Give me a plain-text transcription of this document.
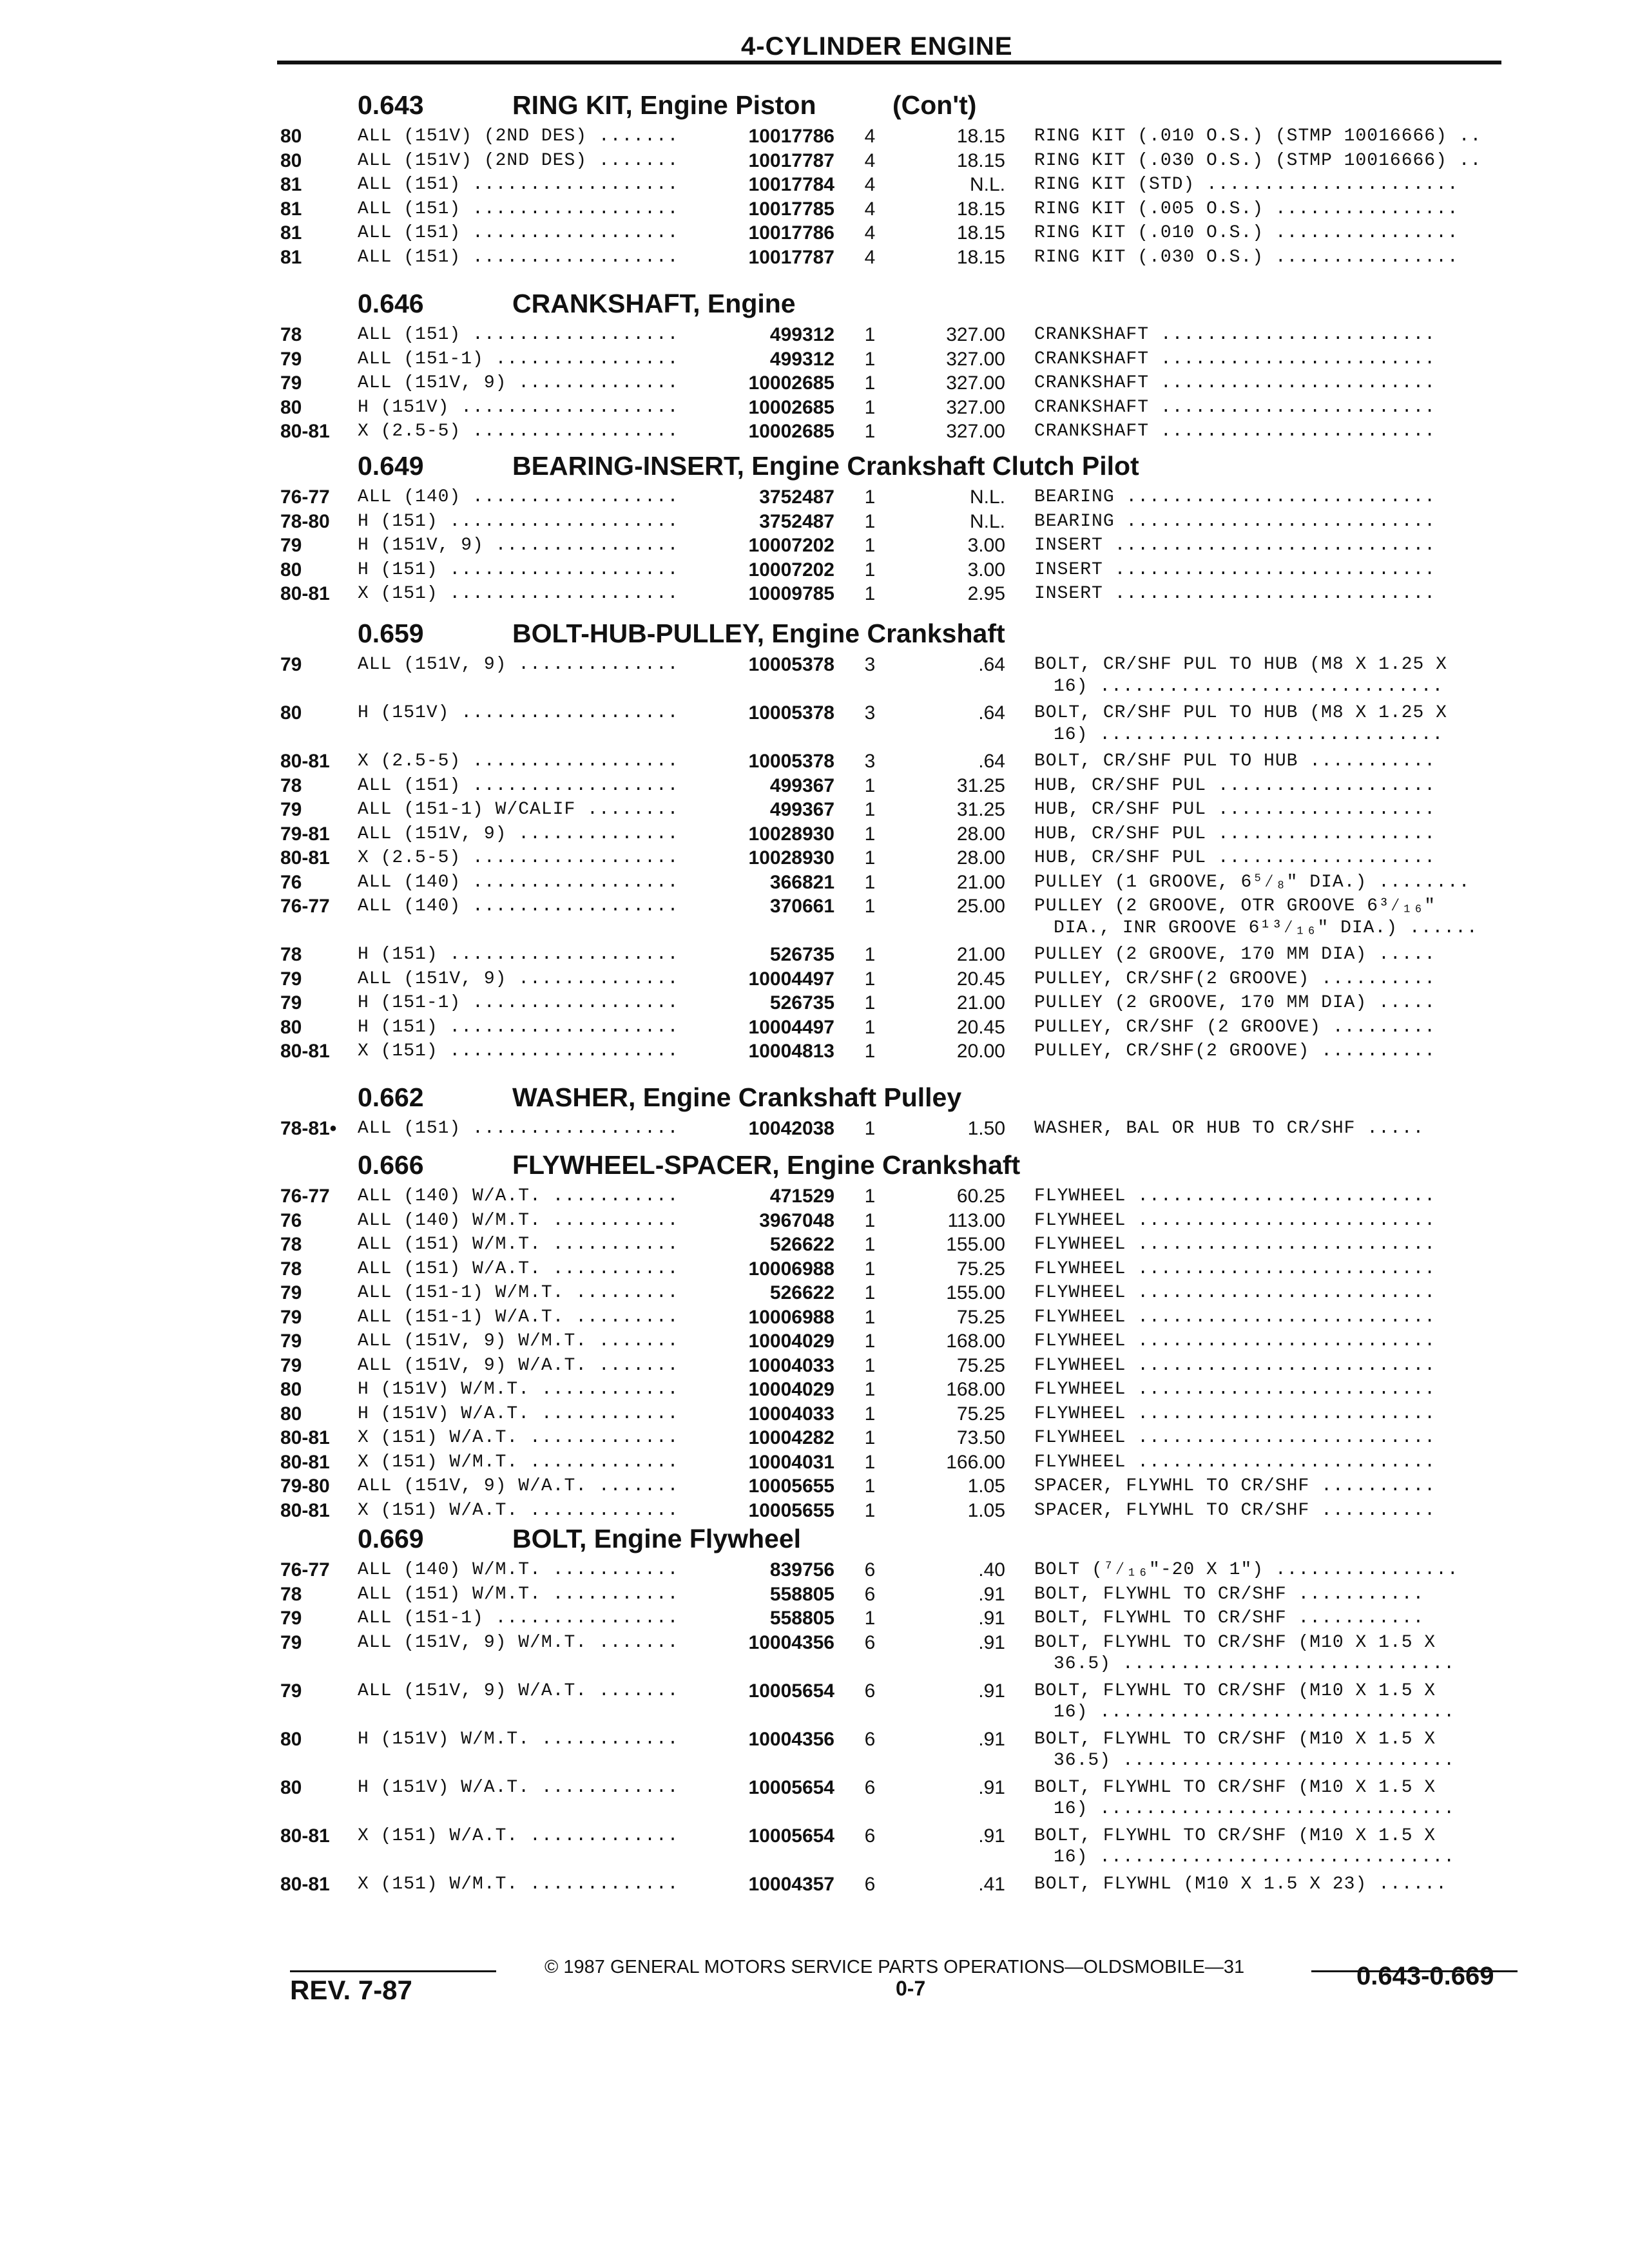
4-CYLINDER ENGINE
0.643	RING KIT, Engine Piston	(Con't)
80	ALL (151V) (2ND DES) .......	10017786	4	18.15 RING KIT (.010 O.S.) (STMP 10016666) ..
80	ALL (151V) (2ND DES) .......	10017787	4	18.15 RING KIT (.030 O.S.) (STMP 10016666) ..
81	ALL (151) ..................	10017784	4	N.L. RING KIT (STD) ......................
81	ALL (151) ..................	10017785	4	18.15 RING KIT (.005 O.S.) ................
81	ALL (151) ..................	10017786	4	18.15 RING KIT (.010 O.S.) ................
81	ALL (151) ..................	10017787	4	18.15 RING KIT (.030 O.S.) ................
0.646	CRANKSHAFT, Engine
78	ALL (151) ..................	499312	1	327.00 CRANKSHAFT ........................
79	ALL (151-1) ................	499312	1	327.00 CRANKSHAFT ........................
79	ALL (151V, 9) ..............	10002685	1	327.00 CRANKSHAFT ........................
80	H (151V) ...................	10002685	1	327.00 CRANKSHAFT ........................
80-81 X (2.5-5) ..................	10002685	1	327.00 CRANKSHAFT ........................
0.649	BEARING-INSERT, Engine Crankshaft Clutch Pilot
76-77 ALL (140) ..................	3752487	1	N.L. BEARING ...........................
78-80 H (151) ....................	3752487	1	N.L. BEARING ...........................
79	H (151V, 9) ................	10007202	1	3.00 INSERT ............................
80	H (151) ....................	10007202	1	3.00 INSERT ............................
80-81 X (151) ....................	10009785	1	2.95 INSERT ............................
0.659	BOLT-HUB-PULLEY, Engine Crankshaft
79	ALL (151V, 9) ..............	10005378	3	.64 BOLT, CR/SHF PUL TO HUB (M8 X 1.25 X
16) ..............................
80	H (151V) ...................	10005378	3	.64 BOLT, CR/SHF PUL TO HUB (M8 X 1.25 X
16) ..............................
80-81 X (2.5-5) ..................	10005378	3	.64 BOLT, CR/SHF PUL TO HUB ...........
78	ALL (151) ..................	499367	1	31.25 HUB, CR/SHF PUL ...................
79	ALL (151-1) W/CALIF ........	499367	1	31.25 HUB, CR/SHF PUL ...................
79-81 ALL (151V, 9) ..............	10028930	1	28.00 HUB, CR/SHF PUL ...................
80-81 X (2.5-5) ..................	10028930	1	28.00 HUB, CR/SHF PUL ...................
76	ALL (140) ..................	366821	1	21.00 PULLEY (1 GROOVE, 6⁵⁄₈" DIA.) ........
76-77 ALL (140) ..................	370661	1	25.00 PULLEY (2 GROOVE, OTR GROOVE 6³⁄₁₆"
DIA., INR GROOVE 6¹³⁄₁₆" DIA.) ......
78	H (151) ....................	526735	1	21.00 PULLEY (2 GROOVE, 170 MM DIA) .....
79	ALL (151V, 9) ..............	10004497	1	20.45 PULLEY, CR/SHF(2 GROOVE) ..........
79	H (151-1) ..................	526735	1	21.00 PULLEY (2 GROOVE, 170 MM DIA) .....
80	H (151) ....................	10004497	1	20.45 PULLEY, CR/SHF (2 GROOVE) .........
80-81 X (151) ....................	10004813	1	20.00 PULLEY, CR/SHF(2 GROOVE) ..........
0.662	WASHER, Engine Crankshaft Pulley
78-81• ALL (151) ..................	10042038	1	1.50 WASHER, BAL OR HUB TO CR/SHF .....
0.666	FLYWHEEL-SPACER, Engine Crankshaft
76-77 ALL (140) W/A.T. ...........	471529	1	60.25 FLYWHEEL ..........................
76	ALL (140) W/M.T. ...........	3967048	1	113.00 FLYWHEEL ..........................
78	ALL (151) W/M.T. ...........	526622	1	155.00 FLYWHEEL ..........................
78	ALL (151) W/A.T. ...........	10006988	1	75.25 FLYWHEEL ..........................
79	ALL (151-1) W/M.T. .........	526622	1	155.00 FLYWHEEL ..........................
79	ALL (151-1) W/A.T. .........	10006988	1	75.25 FLYWHEEL ..........................
79	ALL (151V, 9) W/M.T. .......	10004029	1	168.00 FLYWHEEL ..........................
79	ALL (151V, 9) W/A.T. .......	10004033	1	75.25 FLYWHEEL ..........................
80	H (151V) W/M.T. ............	10004029	1	168.00 FLYWHEEL ..........................
80	H (151V) W/A.T. ............	10004033	1	75.25 FLYWHEEL ..........................
80-81 X (151) W/A.T. .............	10004282	1	73.50 FLYWHEEL ..........................
80-81 X (151) W/M.T. .............	10004031	1	166.00 FLYWHEEL ..........................
79-80 ALL (151V, 9) W/A.T. .......	10005655	1	1.05 SPACER, FLYWHL TO CR/SHF ..........
80-81 X (151) W/A.T. .............	10005655	1	1.05 SPACER, FLYWHL TO CR/SHF ..........
0.669	BOLT, Engine Flywheel
76-77 ALL (140) W/M.T. ...........	839756	6	.40 BOLT (⁷⁄₁₆"-20 X 1") ................
78	ALL (151) W/M.T. ...........	558805	6	.91 BOLT, FLYWHL TO CR/SHF ...........
79	ALL (151-1) ................	558805	1	.91 BOLT, FLYWHL TO CR/SHF ...........
79	ALL (151V, 9) W/M.T. .......	10004356	6	.91 BOLT, FLYWHL TO CR/SHF (M10 X 1.5 X
36.5) .............................
79	ALL (151V, 9) W/A.T. .......	10005654	6	.91 BOLT, FLYWHL TO CR/SHF (M10 X 1.5 X
16) ...............................
80	H (151V) W/M.T. ............	10004356	6	.91 BOLT, FLYWHL TO CR/SHF (M10 X 1.5 X
36.5) .............................
80	H (151V) W/A.T. ............	10005654	6	.91 BOLT, FLYWHL TO CR/SHF (M10 X 1.5 X
16) ...............................
80-81 X (151) W/A.T. .............	10005654	6	.91 BOLT, FLYWHL TO CR/SHF (M10 X 1.5 X
16) ...............................
80-81 X (151) W/M.T. .............	10004357	6	.41 BOLT, FLYWHL (M10 X 1.5 X 23) ......
© 1987 GENERAL MOTORS SERVICE PARTS OPERATIONS—OLDSMOBILE—31
REV. 7-87	0-7	0.643-0.669
